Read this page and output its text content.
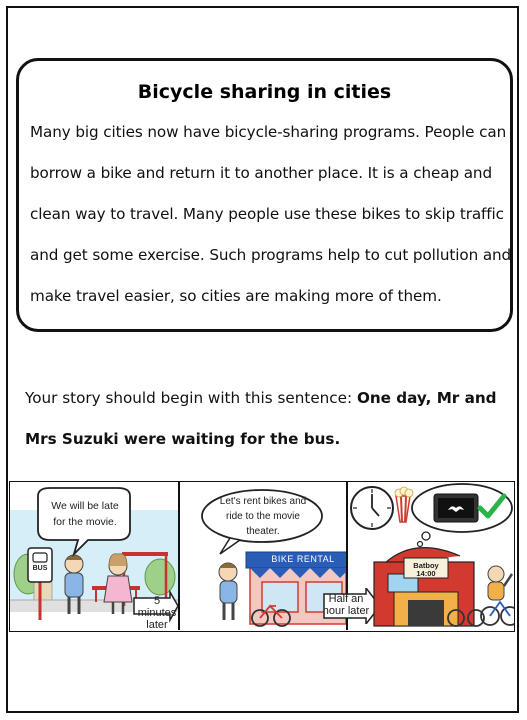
Bicycle sharing in cities
Many big cities now have bicycle-sharing programs. People can
borrow a bike and return it to another place. It is a cheap and
clean way to travel. Many people use these bikes to skip traffic
and get some exercise. Such programs help to cut pollution and
make travel easier, so cities are making more of them.
Your story should begin with this sentence: One day, Mr and
Mrs Suzuki were waiting for the bus.
We will be late
for the movie.
BUS
5 minutes
later
Let's rent bikes and
ride to the movie
theater.
BIKE RENTAL
Half an
hour later
Batboy
14:00
